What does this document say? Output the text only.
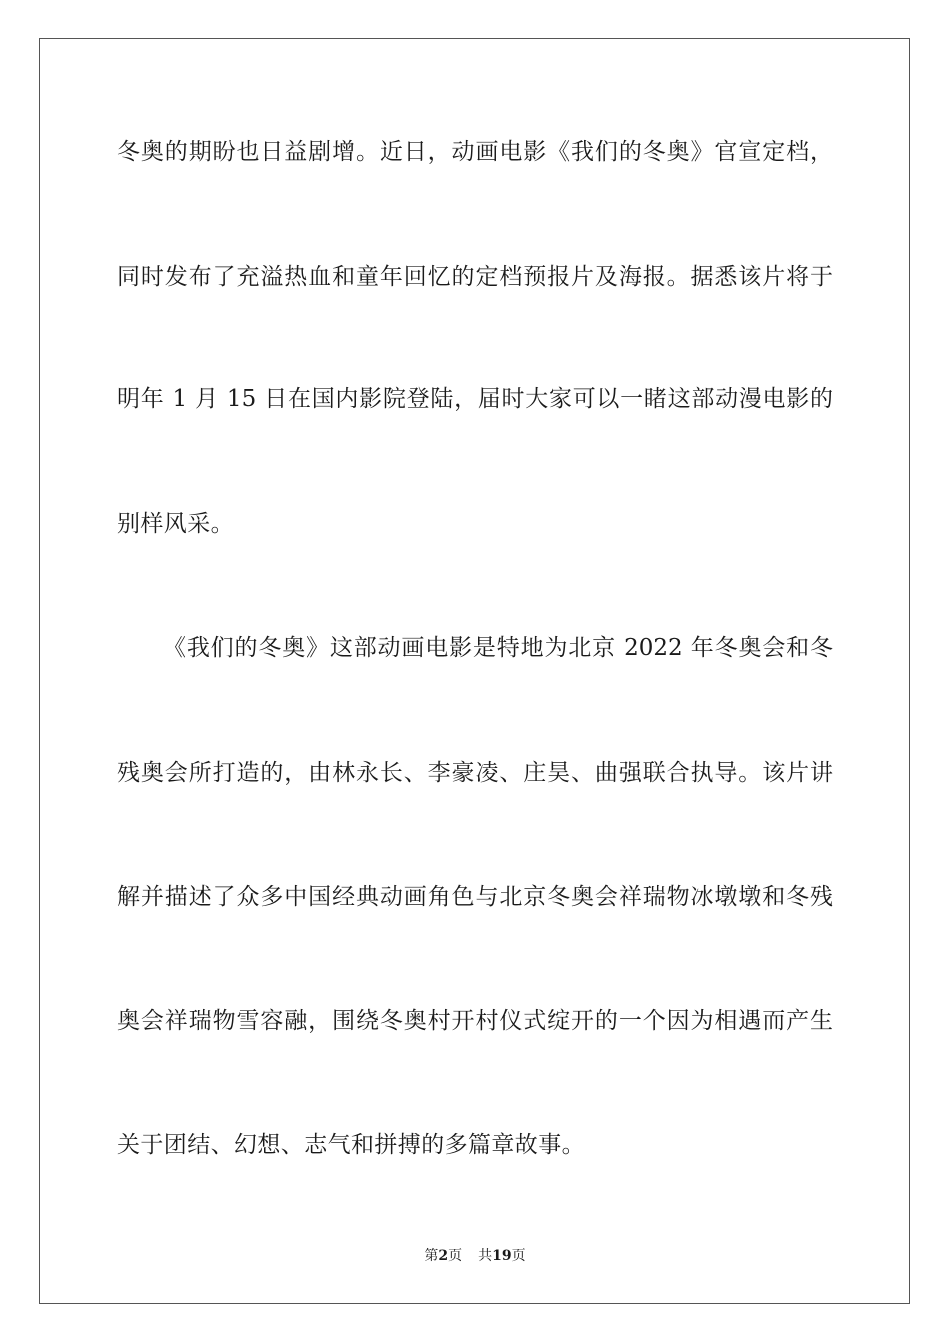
冬奥的期盼也日益剧增。近日，动画电影《我们的冬奥》官宣定档，
同时发布了充溢热血和童年回忆的定档预报片及海报。据悉该片将于
明年 1 月 15 日在国内影院登陆，届时大家可以一睹这部动漫电影的
别样风采。
《我们的冬奥》这部动画电影是特地为北京 2022 年冬奥会和冬
残奥会所打造的，由林永长、李豪凌、庄昊、曲强联合执导。该片讲
解并描述了众多中国经典动画角色与北京冬奥会祥瑞物冰墩墩和冬残
奥会祥瑞物雪容融，围绕冬奥村开村仪式绽开的一个因为相遇而产生
关于团结、幻想、志气和拼搏的多篇章故事。
第2页 共19页
